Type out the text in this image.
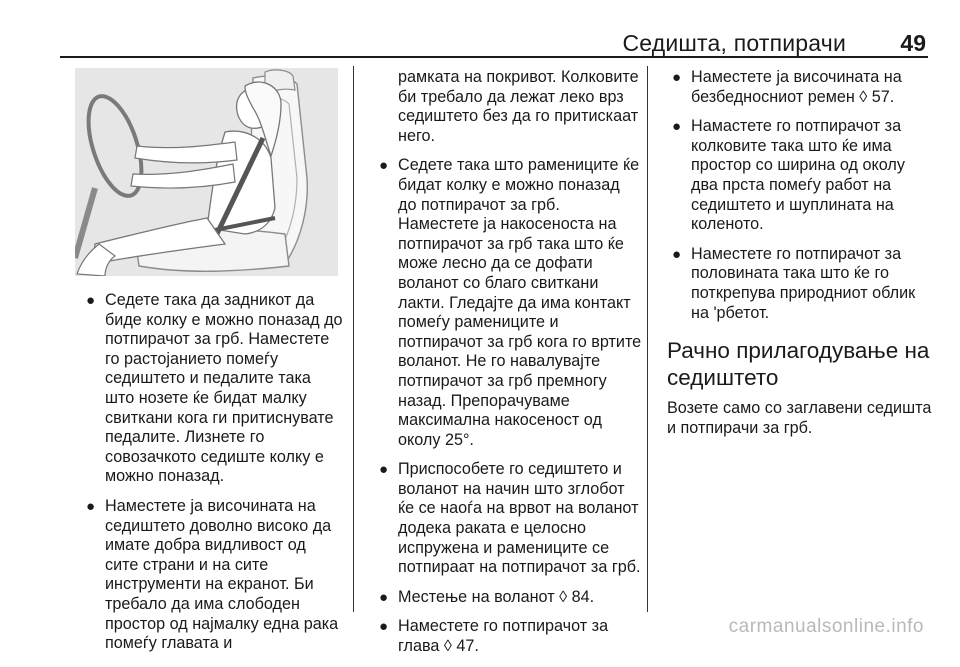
Седишта, потпирачи 49
● Седете така да задникот да биде колку е можно поназад до потпирачот за грб. Наместете го растојанието помеѓу седиштето и педалите така што нозете ќе бидат малку свиткани кога ги притиснувате педалите. Лизнете го совозачкото седиште колку е можно поназад.

● Наместете ја височината на седиштето доволно високо да имате добра видливост од сите страни и на сите инструменти на екранот. Би требало да има слободен простор од најмалку една рака помеѓу главата и

рамката на покривот. Колковите би требало да лежат леко врз седиштето без да го притискаат него.

● Седете така што рамениците ќе бидат колку е можно поназад до потпирачот за грб. Наместете ја накосеноста на потпирачот за грб така што ќе може лесно да се дофати воланот со благо свиткани лакти. Гледајте да има контакт помеѓу рамениците и потпирачот за грб кога го вртите воланот. Не го навалувајте потпирачот за грб премногу назад. Препорачуваме максимална накосеност од околу 25°.

● Приспособете го седиштето и воланот на начин што зглобот ќе се наоѓа на врвот на воланот додека раката е целосно испружена и рамениците се потпираат на потпирачот за грб.

● Местење на воланот ◊ 84.

● Наместете го потпирачот за глава ◊ 47.

● Наместете ја височината на безбедносниот ремен ◊ 57.

● Намастете го потпирачот за колковите така што ќе има простор со ширина од околу два прста помеѓу работ на седиштето и шуплината на коленото.

● Наместете го потпирачот за половината така што ќе го поткрепува природниот облик на 'рбетот.

Рачно прилагодување на седиштето

Возете само со заглавени седишта и потпирачи за грб.

carmanualsonline.info
